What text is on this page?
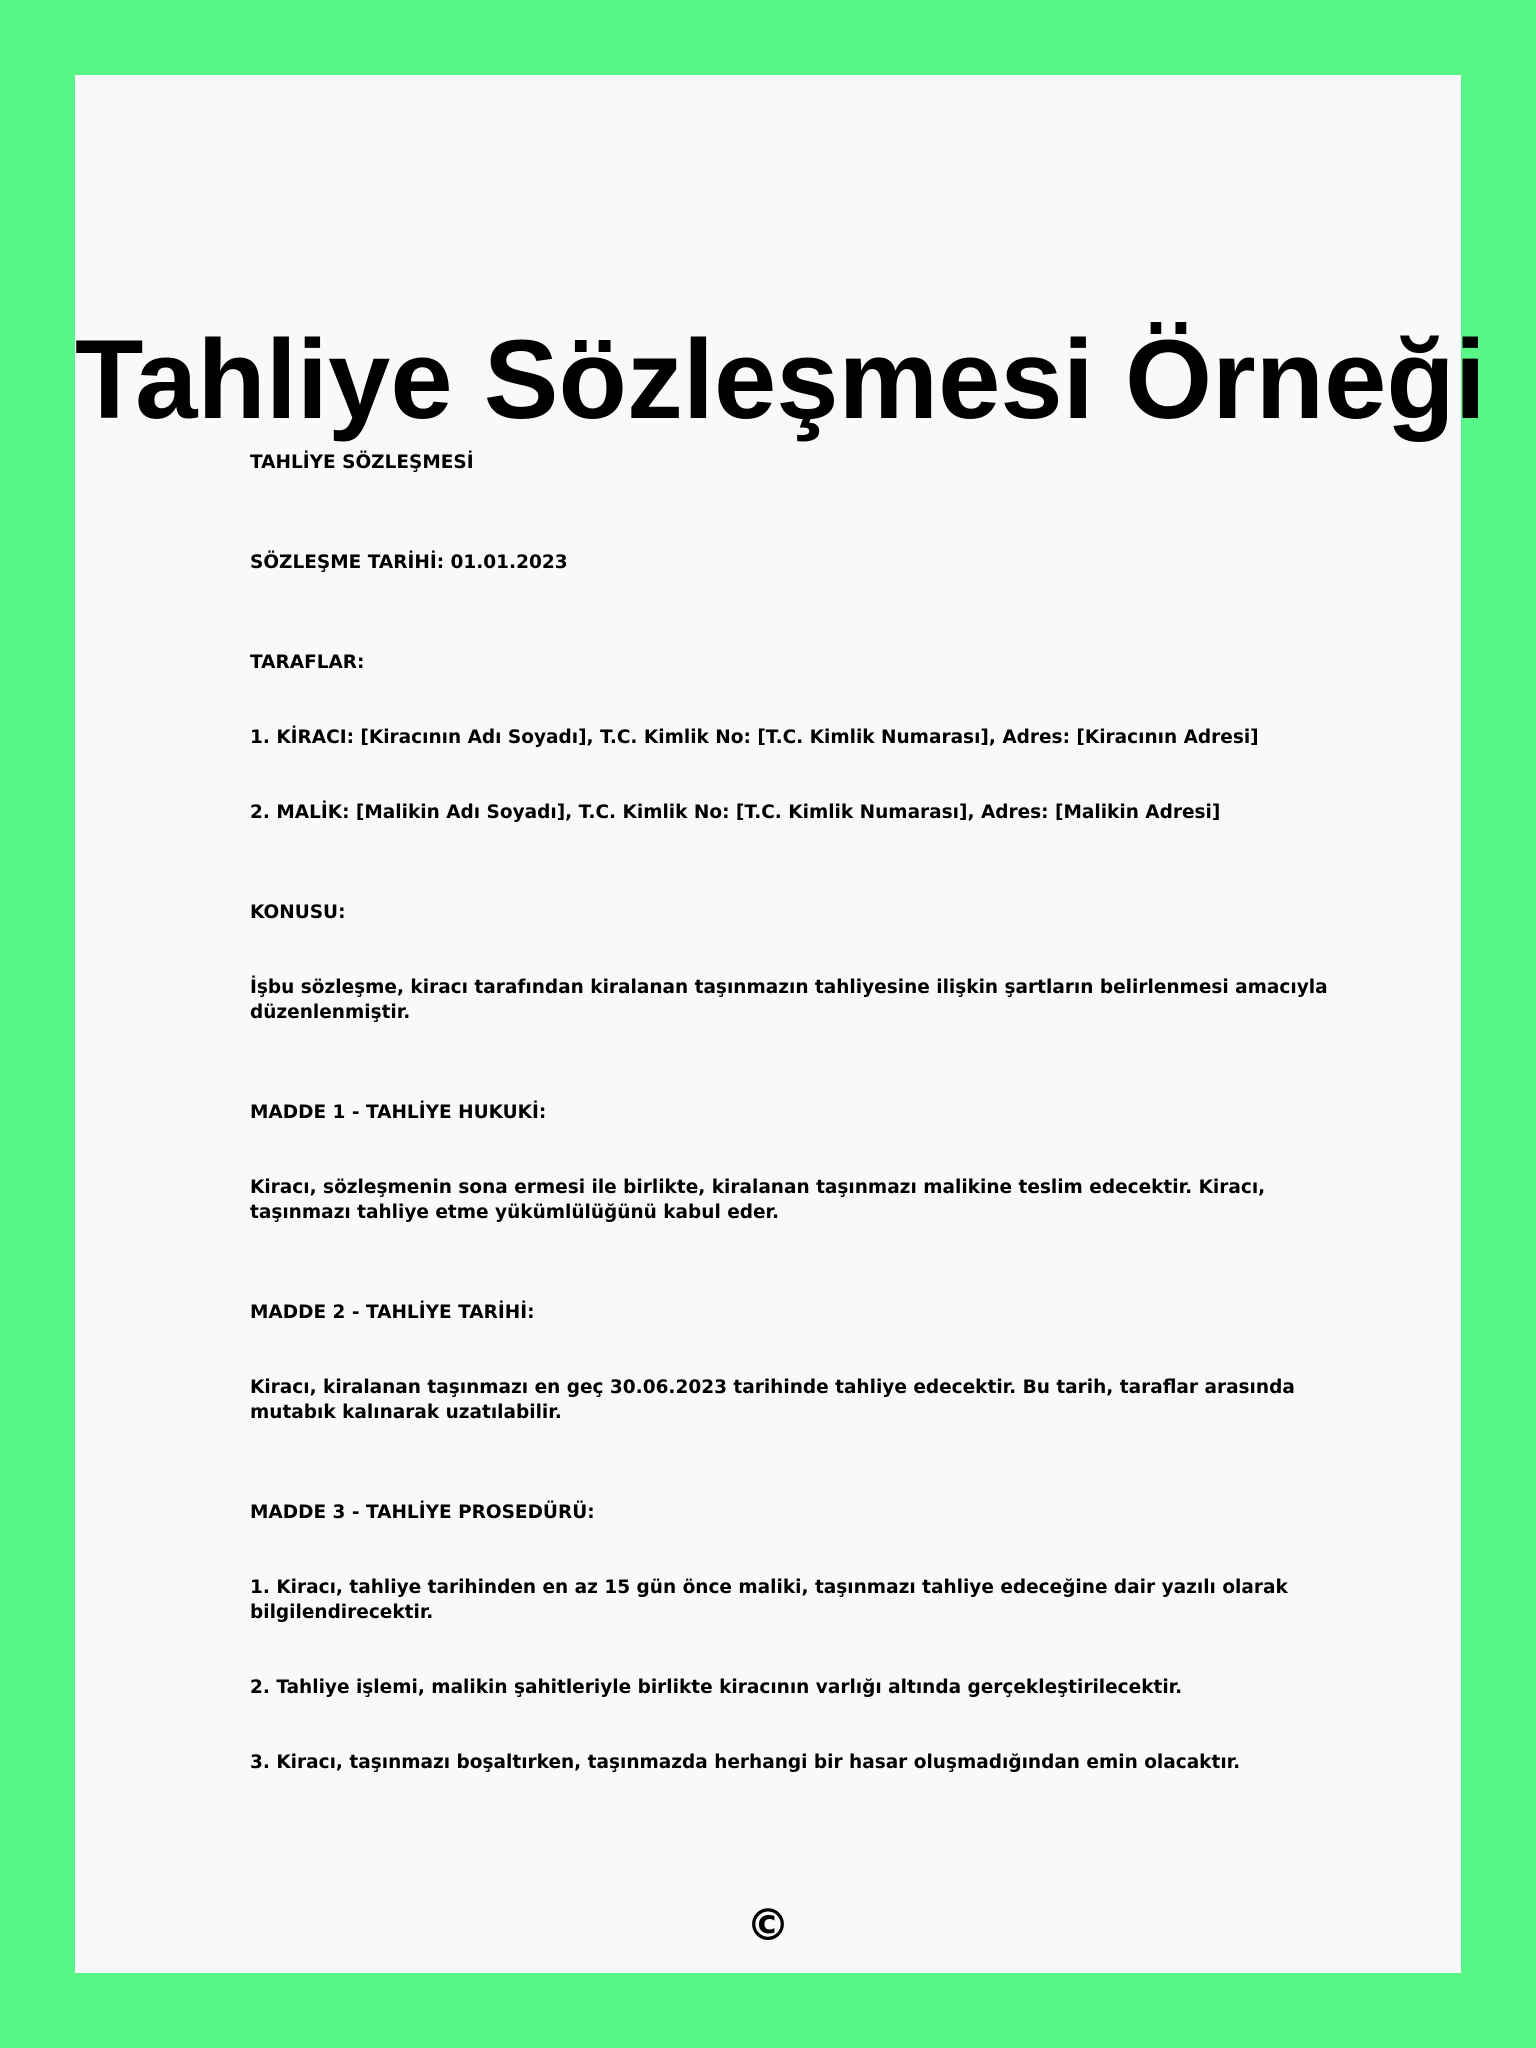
Tahliye Sözleşmesi Örneği

TAHLİYE SÖZLEŞMESİ

SÖZLEŞME TARİHİ: 01.01.2023

TARAFLAR:

1. KİRACI: [Kiracının Adı Soyadı], T.C. Kimlik No: [T.C. Kimlik Numarası], Adres: [Kiracının Adresi]

2. MALİK: [Malikin Adı Soyadı], T.C. Kimlik No: [T.C. Kimlik Numarası], Adres: [Malikin Adresi]

KONUSU:

İşbu sözleşme, kiracı tarafından kiralanan taşınmazın tahliyesine ilişkin şartların belirlenmesi amacıyla düzenlenmiştir.

MADDE 1 - TAHLİYE HUKUKİ:

Kiracı, sözleşmenin sona ermesi ile birlikte, kiralanan taşınmazı malikine teslim edecektir. Kiracı, taşınmazı tahliye etme yükümlülüğünü kabul eder.

MADDE 2 - TAHLİYE TARİHİ:

Kiracı, kiralanan taşınmazı en geç 30.06.2023 tarihinde tahliye edecektir. Bu tarih, taraflar arasında mutabık kalınarak uzatılabilir.

MADDE 3 - TAHLİYE PROSEDÜRÜ:

1. Kiracı, tahliye tarihinden en az 15 gün önce maliki, taşınmazı tahliye edeceğine dair yazılı olarak bilgilendirecektir.

2. Tahliye işlemi, malikin şahitleriyle birlikte kiracının varlığı altında gerçekleştirilecektir.

3. Kiracı, taşınmazı boşaltırken, taşınmazda herhangi bir hasar oluşmadığından emin olacaktır.

©
